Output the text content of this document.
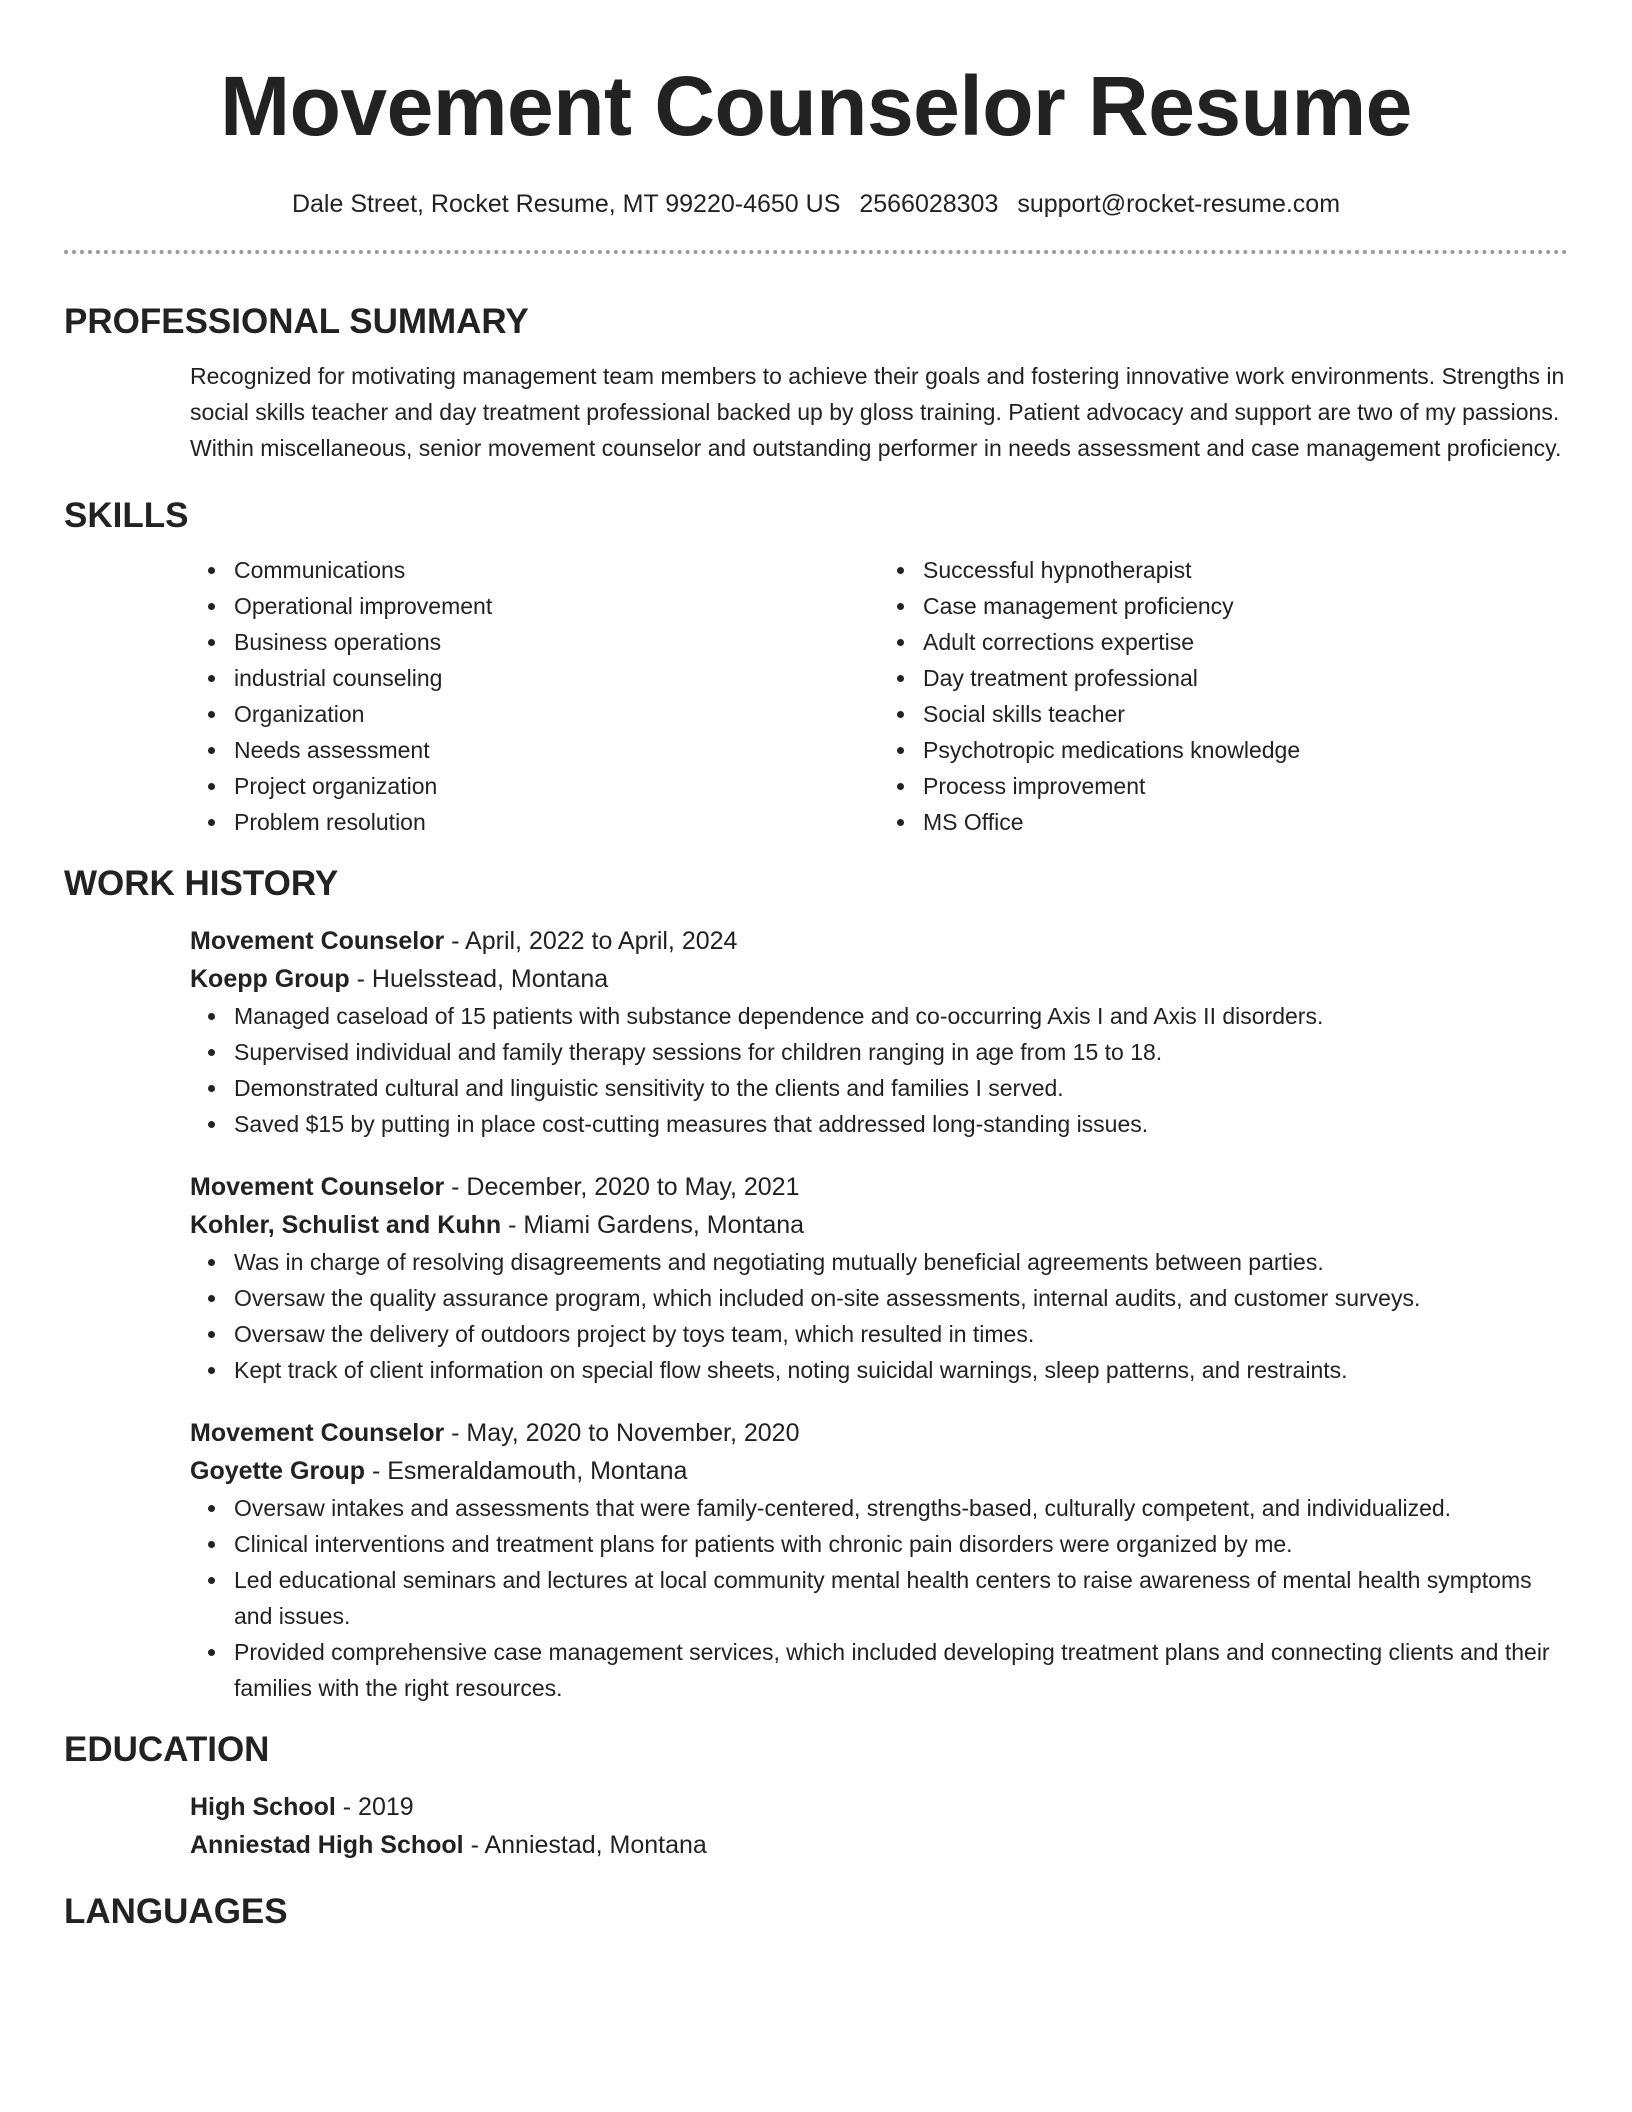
Movement Counselor Resume
Dale Street, Rocket Resume, MT 99220-4650 US 2566028303 support@rocket-resume.com
PROFESSIONAL SUMMARY

Recognized for motivating management team members to achieve their goals and fostering innovative work environments. Strengths in social skills teacher and day treatment professional backed up by gloss training. Patient advocacy and support are two of my passions. Within miscellaneous, senior movement counselor and outstanding performer in needs assessment and case management proficiency.

SKILLS
Communications
Operational improvement
Business operations
industrial counseling
Organization
Needs assessment
Project organization
Problem resolution
Successful hypnotherapist
Case management proficiency
Adult corrections expertise
Day treatment professional
Social skills teacher
Psychotropic medications knowledge
Process improvement
MS Office
WORK HISTORY

Movement Counselor - April, 2022 to April, 2024

Koepp Group - Huelsstead, Montana

Managed caseload of 15 patients with substance dependence and co-occurring Axis I and Axis II disorders.
Supervised individual and family therapy sessions for children ranging in age from 15 to 18.
Demonstrated cultural and linguistic sensitivity to the clients and families I served.
Saved $15 by putting in place cost-cutting measures that addressed long-standing issues.

Movement Counselor - December, 2020 to May, 2021

Kohler, Schulist and Kuhn - Miami Gardens, Montana

Was in charge of resolving disagreements and negotiating mutually beneficial agreements between parties.
Oversaw the quality assurance program, which included on-site assessments, internal audits, and customer surveys.
Oversaw the delivery of outdoors project by toys team, which resulted in times.
Kept track of client information on special flow sheets, noting suicidal warnings, sleep patterns, and restraints.

Movement Counselor - May, 2020 to November, 2020

Goyette Group - Esmeraldamouth, Montana

Oversaw intakes and assessments that were family-centered, strengths-based, culturally competent, and individualized.
Clinical interventions and treatment plans for patients with chronic pain disorders were organized by me.
Led educational seminars and lectures at local community mental health centers to raise awareness of mental health symptoms and issues.
Provided comprehensive case management services, which included developing treatment plans and connecting clients and their families with the right resources.
EDUCATION

High School - 2019

Anniestad High School - Anniestad, Montana

LANGUAGES
